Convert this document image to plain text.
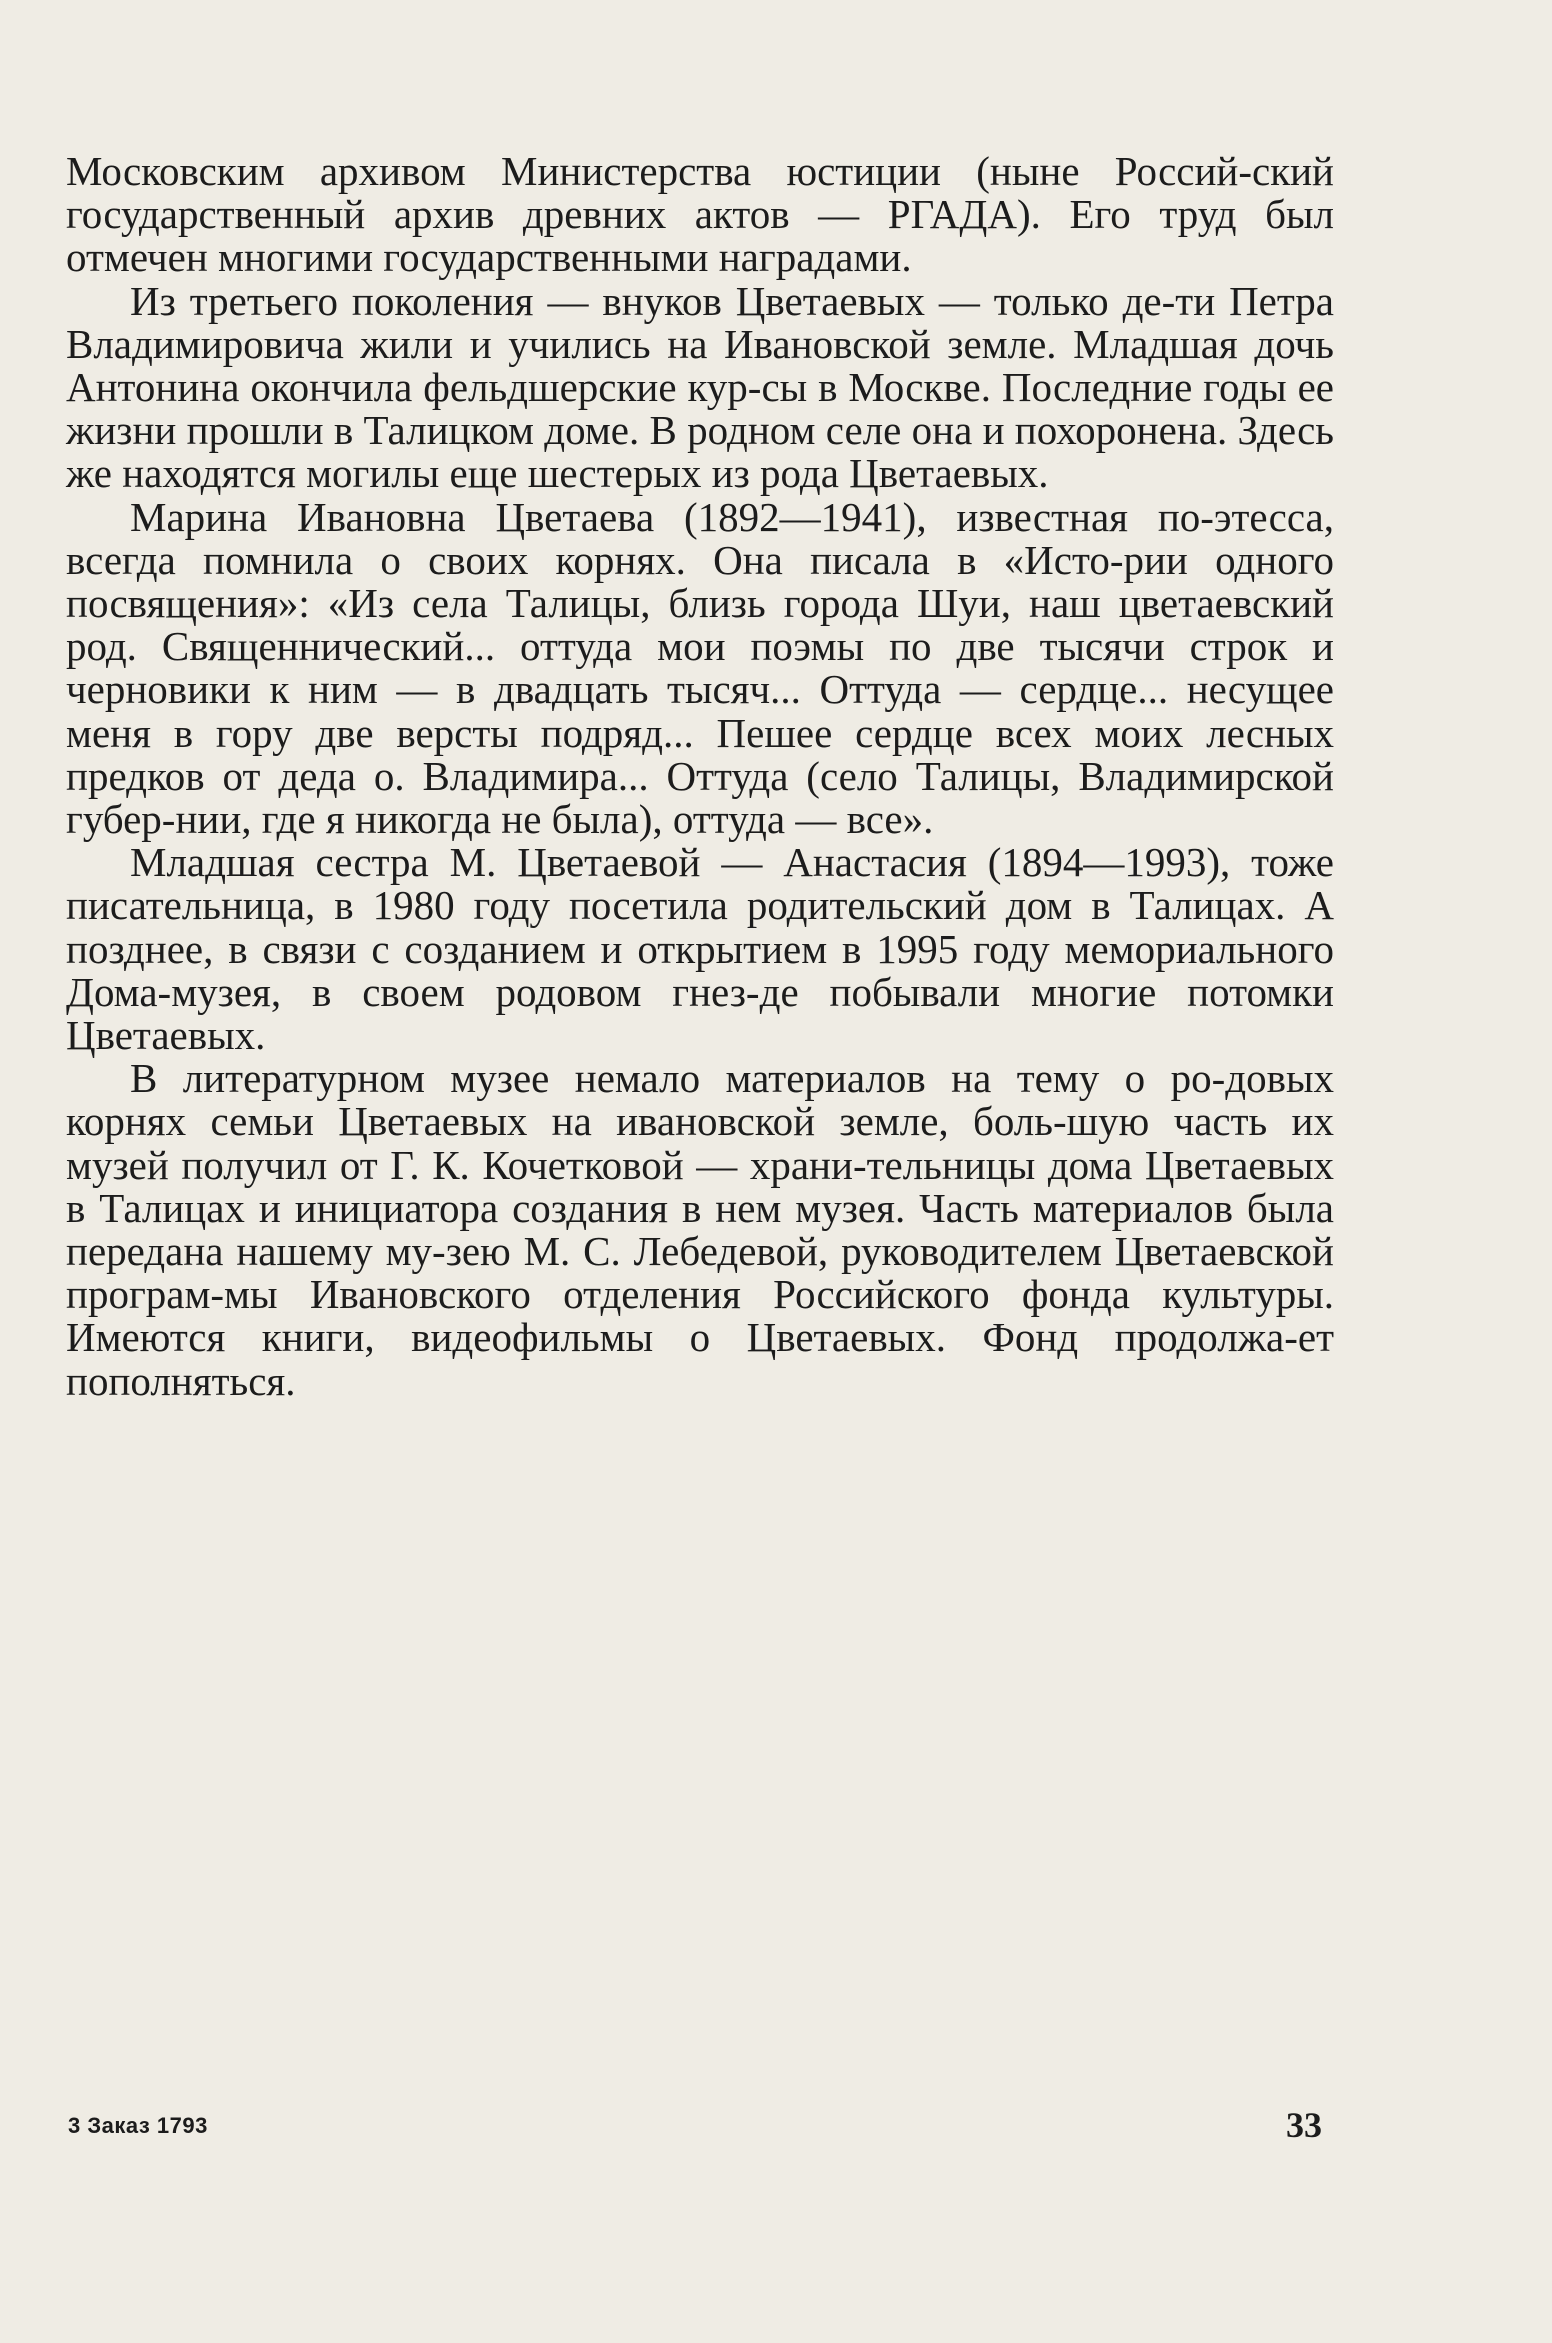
Московским архивом Министерства юстиции (ныне Россий-ский государственный архив древних актов — РГАДА). Его труд был отмечен многими государственными наградами.

Из третьего поколения — внуков Цветаевых — только де-ти Петра Владимировича жили и учились на Ивановской земле. Младшая дочь Антонина окончила фельдшерские кур-сы в Москве. Последние годы ее жизни прошли в Талицком доме. В родном селе она и похоронена. Здесь же находятся могилы еще шестерых из рода Цветаевых.

Марина Ивановна Цветаева (1892—1941), известная по-этесса, всегда помнила о своих корнях. Она писала в «Исто-рии одного посвящения»: «Из села Талицы, близь города Шуи, наш цветаевский род. Священнический... оттуда мои поэмы по две тысячи строк и черновики к ним — в двадцать тысяч... Оттуда — сердце... несущее меня в гору две версты подряд... Пешее сердце всех моих лесных предков от деда о. Владимира... Оттуда (село Талицы, Владимирской губер-нии, где я никогда не была), оттуда — все».

Младшая сестра М. Цветаевой — Анастасия (1894—1993), тоже писательница, в 1980 году посетила родительский дом в Талицах. А позднее, в связи с созданием и открытием в 1995 году мемориального Дома-музея, в своем родовом гнез-де побывали многие потомки Цветаевых.

В литературном музее немало материалов на тему о ро-довых корнях семьи Цветаевых на ивановской земле, боль-шую часть их музей получил от Г. К. Кочетковой — храни-тельницы дома Цветаевых в Талицах и инициатора создания в нем музея. Часть материалов была передана нашему му-зею М. С. Лебедевой, руководителем Цветаевской програм-мы Ивановского отделения Российского фонда культуры. Имеются книги, видеофильмы о Цветаевых. Фонд продолжа-ет пополняться.

3 Заказ 1793	33
